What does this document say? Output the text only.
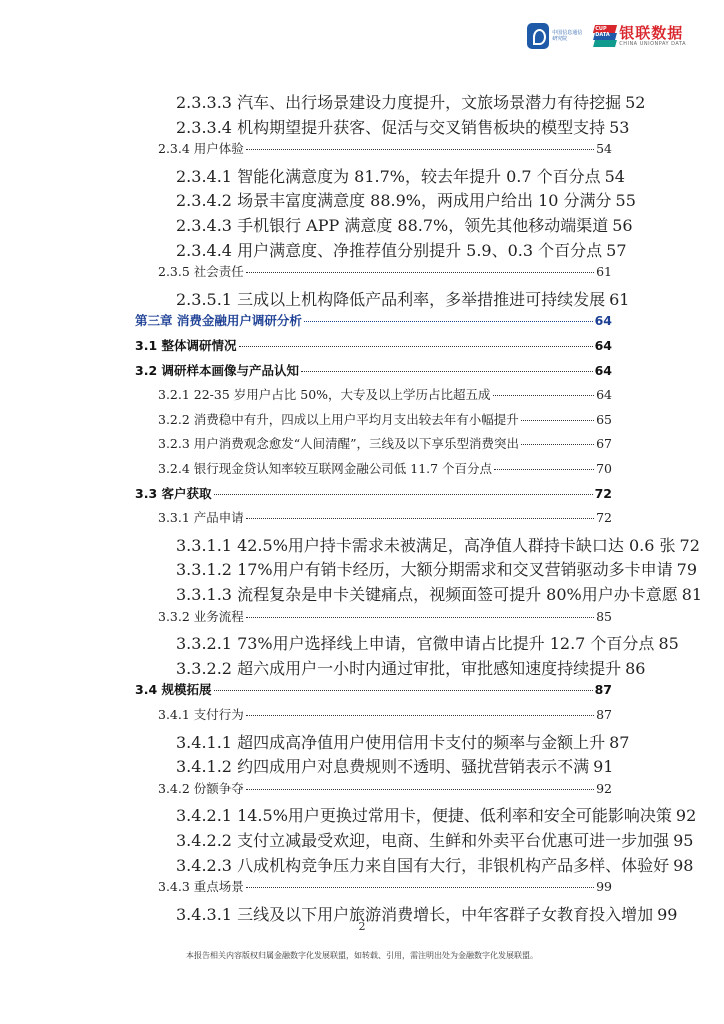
中国信息通信研究院
CUP DATA 银联数据
CHINA UNIONPAY DATA
2.3.3.3 汽车、出行场景建设力度提升，文旅场景潜力有待挖掘 52
2.3.3.4 机构期望提升获客、促活与交叉销售板块的模型支持 53
2.3.4 用户体验	54
2.3.4.1 智能化满意度为 81.7%，较去年提升 0.7 个百分点 54
2.3.4.2 场景丰富度满意度 88.9%，两成用户给出 10 分满分 55
2.3.4.3 手机银行 APP 满意度 88.7%，领先其他移动端渠道 56
2.3.4.4 用户满意度、净推荐值分别提升 5.9、0.3 个百分点 57
2.3.5 社会责任	61
2.3.5.1 三成以上机构降低产品利率，多举措推进可持续发展 61
第三章 消费金融用户调研分析	64
3.1 整体调研情况	64
3.2 调研样本画像与产品认知	64
3.2.1 22-35 岁用户占比 50%，大专及以上学历占比超五成	64
3.2.2 消费稳中有升，四成以上用户平均月支出较去年有小幅提升	65
3.2.3 用户消费观念愈发“人间清醒”，三线及以下享乐型消费突出	67
3.2.4 银行现金贷认知率较互联网金融公司低 11.7 个百分点	70
3.3 客户获取	72
3.3.1 产品申请	72
3.3.1.1 42.5%用户持卡需求未被满足，高净值人群持卡缺口达 0.6 张 72
3.3.1.2 17%用户有销卡经历，大额分期需求和交叉营销驱动多卡申请 79
3.3.1.3 流程复杂是申卡关键痛点，视频面签可提升 80%用户办卡意愿 81
3.3.2 业务流程	85
3.3.2.1 73%用户选择线上申请，官微申请占比提升 12.7 个百分点 85
3.3.2.2 超六成用户一小时内通过审批，审批感知速度持续提升 86
3.4 规模拓展	87
3.4.1 支付行为	87
3.4.1.1 超四成高净值用户使用信用卡支付的频率与金额上升 87
3.4.1.2 约四成用户对息费规则不透明、骚扰营销表示不满 91
3.4.2 份额争夺	92
3.4.2.1 14.5%用户更换过常用卡，便捷、低利率和安全可能影响决策 92
3.4.2.2 支付立减最受欢迎，电商、生鲜和外卖平台优惠可进一步加强 95
3.4.2.3 八成机构竞争压力来自国有大行，非银机构产品多样、体验好 98
3.4.3 重点场景	99
3.4.3.1 三线及以下用户旅游消费增长，中年客群子女教育投入增加 99
2
本报告相关内容版权归属金融数字化发展联盟，如转载、引用，需注明出处为金融数字化发展联盟。
